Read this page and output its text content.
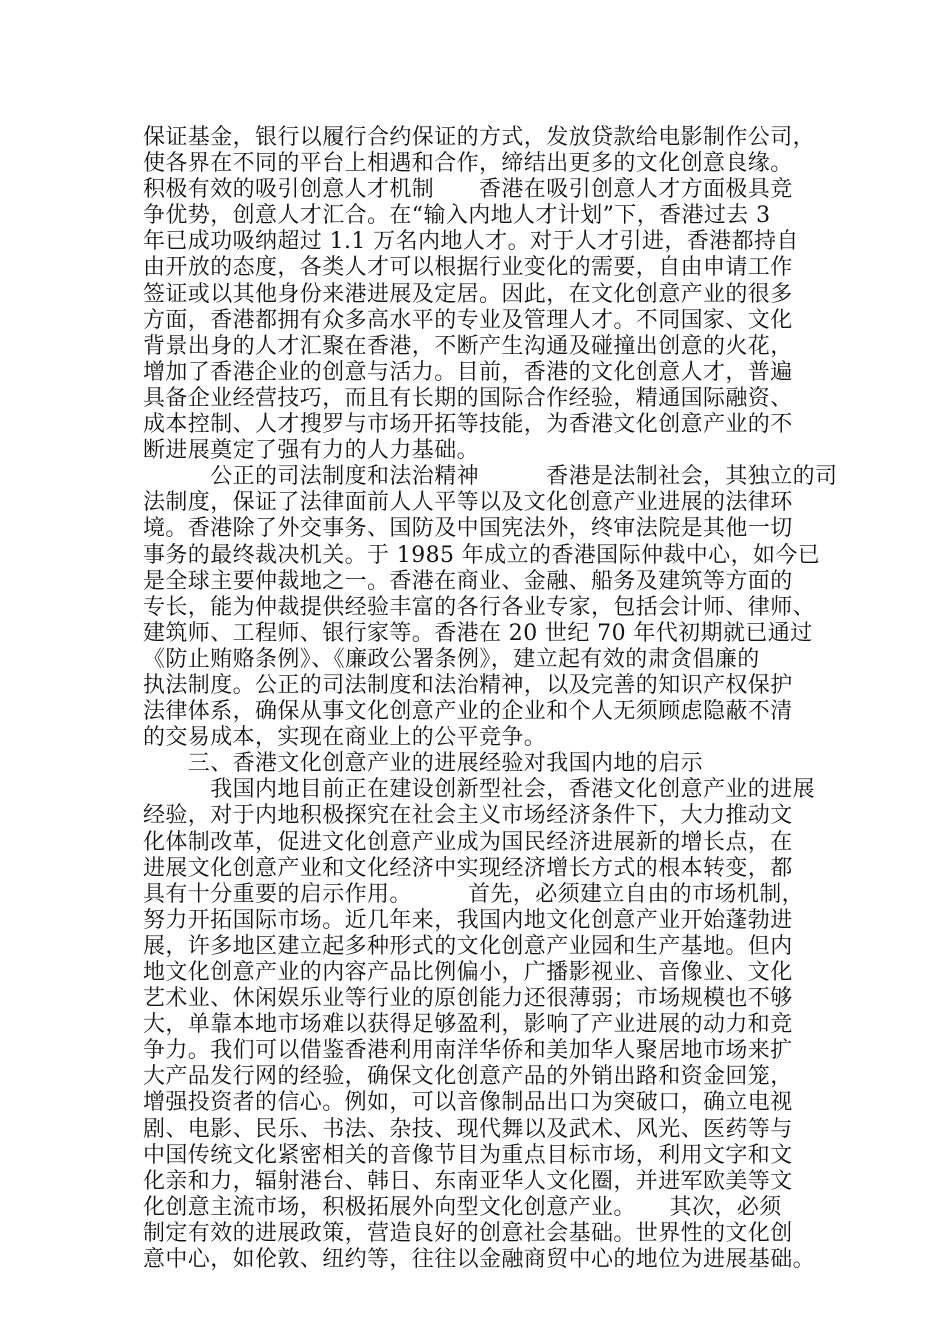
保证基金，银行以履行合约保证的方式，发放贷款给电影制作公司，
使各界在不同的平台上相遇和合作，缔结出更多的文化创意良缘。
积极有效的吸引创意人才机制　　香港在吸引创意人才方面极具竞
争优势，创意人才汇合。在“输入内地人才计划”下，香港过去 3
年已成功吸纳超过 1.1 万名内地人才。对于人才引进，香港都持自
由开放的态度，各类人才可以根据行业变化的需要，自由申请工作
签证或以其他身份来港进展及定居。因此，在文化创意产业的很多
方面，香港都拥有众多高水平的专业及管理人才。不同国家、文化
背景出身的人才汇聚在香港，不断产生沟通及碰撞出创意的火花，
增加了香港企业的创意与活力。目前，香港的文化创意人才，普遍
具备企业经营技巧，而且有长期的国际合作经验，精通国际融资、
成本控制、人才搜罗与市场开拓等技能，为香港文化创意产业的不
断进展奠定了强有力的人力基础。
　　　公正的司法制度和法治精神　　　香港是法制社会，其独立的司
法制度，保证了法律面前人人平等以及文化创意产业进展的法律环
境。香港除了外交事务、国防及中国宪法外，终审法院是其他一切
事务的最终裁决机关。于 1985 年成立的香港国际仲裁中心，如今已
是全球主要仲裁地之一。香港在商业、金融、船务及建筑等方面的
专长，能为仲裁提供经验丰富的各行各业专家，包括会计师、律师、
建筑师、工程师、银行家等。香港在 20 世纪 70 年代初期就已通过
《防止贿赂条例》、《廉政公署条例》，建立起有效的肃贪倡廉的
执法制度。公正的司法制度和法治精神，以及完善的知识产权保护
法律体系，确保从事文化创意产业的企业和个人无须顾虑隐蔽不清
的交易成本，实现在商业上的公平竞争。
　　三、香港文化创意产业的进展经验对我国内地的启示
　　　我国内地目前正在建设创新型社会，香港文化创意产业的进展
经验，对于内地积极探究在社会主义市场经济条件下，大力推动文
化体制改革，促进文化创意产业成为国民经济进展新的增长点，在
进展文化创意产业和文化经济中实现经济增长方式的根本转变，都
具有十分重要的启示作用。　　　首先，必须建立自由的市场机制，
努力开拓国际市场。近几年来，我国内地文化创意产业开始蓬勃进
展，许多地区建立起多种形式的文化创意产业园和生产基地。但内
地文化创意产业的内容产品比例偏小，广播影视业、音像业、文化
艺术业、休闲娱乐业等行业的原创能力还很薄弱；市场规模也不够
大，单靠本地市场难以获得足够盈利，影响了产业进展的动力和竞
争力。我们可以借鉴香港利用南洋华侨和美加华人聚居地市场来扩
大产品发行网的经验，确保文化创意产品的外销出路和资金回笼，
增强投资者的信心。例如，可以音像制品出口为突破口，确立电视
剧、电影、民乐、书法、杂技、现代舞以及武术、风光、医药等与
中国传统文化紧密相关的音像节目为重点目标市场，利用文字和文
化亲和力，辐射港台、韩日、东南亚华人文化圈，并进军欧美等文
化创意主流市场，积极拓展外向型文化创意产业。　　其次，必须
制定有效的进展政策，营造良好的创意社会基础。世界性的文化创
意中心，如伦敦、纽约等，往往以金融商贸中心的地位为进展基础。
